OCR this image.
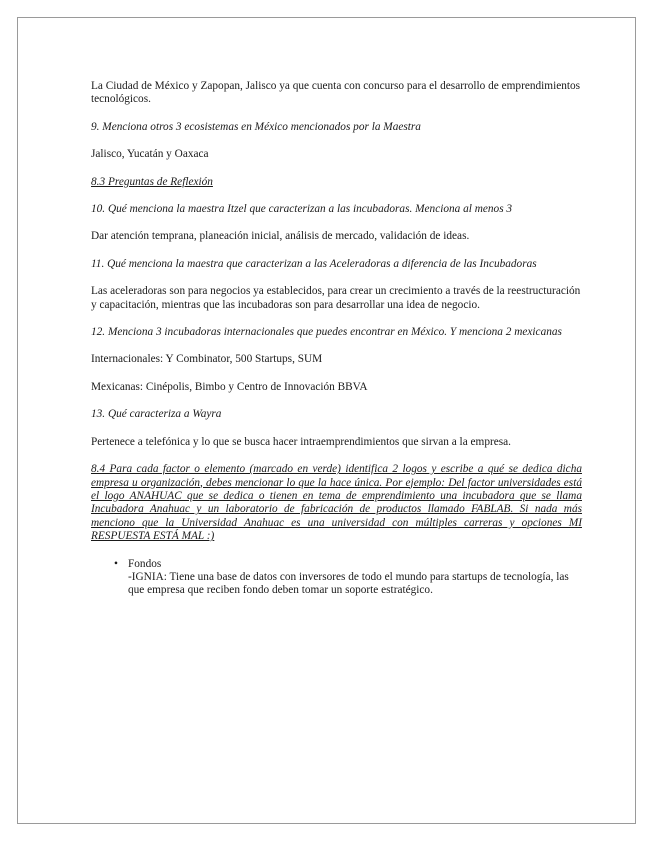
La Ciudad de México y Zapopan, Jalisco ya que cuenta con concurso para el desarrollo de emprendimientos tecnológicos.

9. Menciona otros 3 ecosistemas en México mencionados por la Maestra

Jalisco, Yucatán y Oaxaca

8.3 Preguntas de Reflexión

10. Qué menciona la maestra Itzel que caracterizan a las incubadoras. Menciona al menos 3

Dar atención temprana, planeación inicial, análisis de mercado, validación de ideas.

11. Qué menciona la maestra que caracterizan a las Aceleradoras a diferencia de las Incubadoras

Las aceleradoras son para negocios ya establecidos, para crear un crecimiento a través de la reestructuración y capacitación, mientras que las incubadoras son para desarrollar una idea de negocio.

12. Menciona 3 incubadoras internacionales que puedes encontrar en México. Y menciona 2 mexicanas

Internacionales: Y Combinator, 500 Startups, SUM

Mexicanas: Cinépolis, Bimbo y Centro de Innovación BBVA

13. Qué caracteriza a Wayra

Pertenece a telefónica y lo que se busca hacer intraemprendimientos que sirvan a la empresa.

8.4 Para cada factor o elemento (marcado en verde) identifica 2 logos y escribe a qué se dedica dicha empresa u organización, debes mencionar lo que la hace única. Por ejemplo: Del factor universidades está el logo ANAHUAC que se dedica o tienen en tema de emprendimiento una incubadora que se llama Incubadora Anahuac y un laboratorio de fabricación de productos llamado FABLAB. Si nada más menciono que la Universidad Anahuac es una universidad con múltiples carreras y opciones MI RESPUESTA ESTÁ MAL :)

• Fondos
-IGNIA: Tiene una base de datos con inversores de todo el mundo para startups de tecnología, las que empresa que reciben fondo deben tomar un soporte estratégico.
